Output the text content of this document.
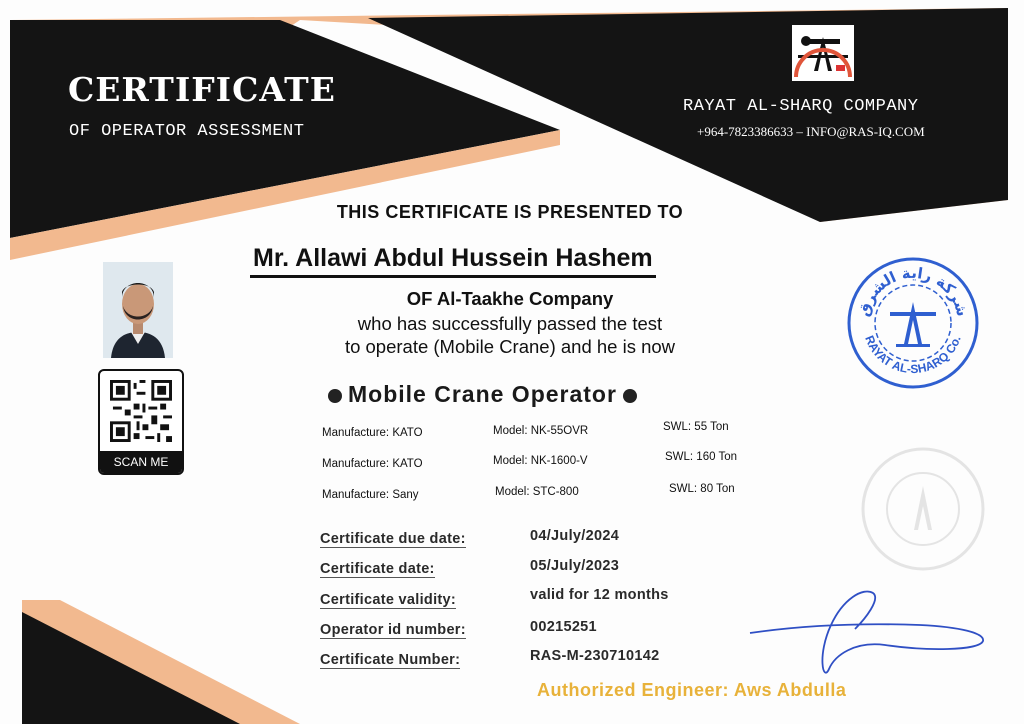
CERTIFICATE
OF OPERATOR ASSESSMENT
RAYAT AL-SHARQ COMPANY
+964-7823386633 – INFO@RAS-IQ.COM
THIS CERTIFICATE IS PRESENTED TO
Mr. Allawi Abdul Hussein Hashem
OF Al-Taakhe Company
who has successfully passed the test
to operate (Mobile Crane) and he is now
Mobile Crane Operator
Manufacture: KATO	Model: NK-55OVR	SWL: 55 Ton
Manufacture: KATO	Model: NK-1600-V	SWL: 160 Ton
Manufacture: Sany	Model: STC-800	SWL: 80 Ton
Certificate due date:	04/July/2024
Certificate date:	05/July/2023
Certificate validity:	valid for 12 months
Operator id number:	00215251
Certificate Number:	RAS-M-230710142
Authorized Engineer: Aws Abdulla
SCAN ME
شركة راية الشرق
RAYAT AL-SHARQ Co.
